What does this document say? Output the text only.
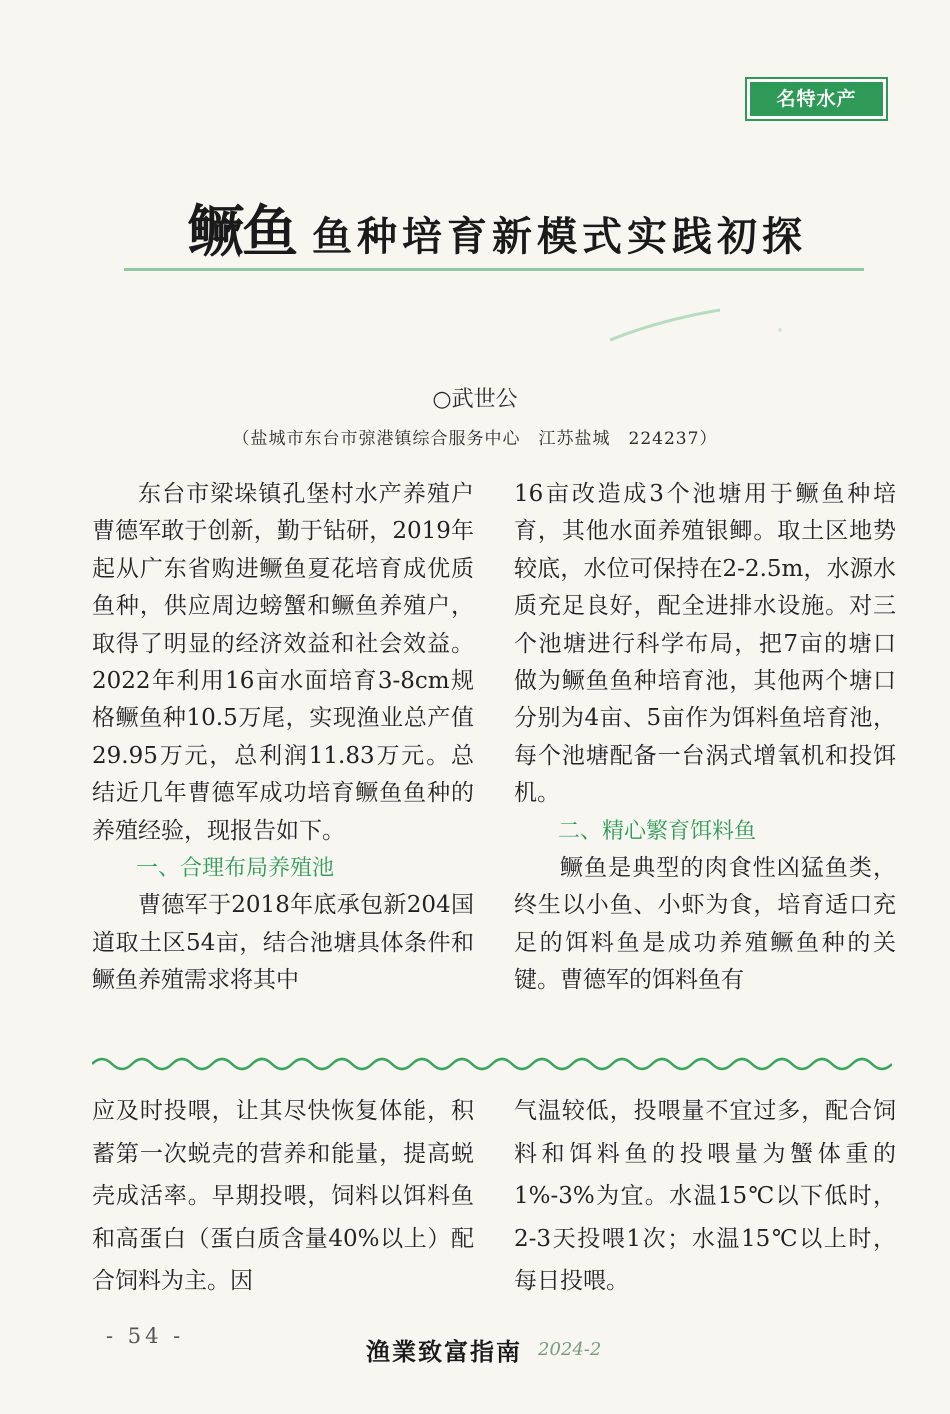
名特水产
鳜鱼 鱼种培育新模式实践初探
○武世公
（盐城市东台市弶港镇综合服务中心　江苏盐城　224237）

东台市梁垛镇孔堡村水产养殖户曹德军敢于创新，勤于钻研，2019年起从广东省购进鳜鱼夏花培育成优质鱼种，供应周边螃蟹和鳜鱼养殖户，取得了明显的经济效益和社会效益。2022年利用16亩水面培育3-8cm规格鳜鱼种10.5万尾，实现渔业总产值29.95万元，总利润11.83万元。总结近几年曹德军成功培育鳜鱼鱼种的养殖经验，现报告如下。

一、合理布局养殖池

曹德军于2018年底承包新204国道取土区54亩，结合池塘具体条件和鳜鱼养殖需求将其中

16亩改造成3个池塘用于鳜鱼种培育，其他水面养殖银鲫。取土区地势较底，水位可保持在2-2.5m，水源水质充足良好，配全进排水设施。对三个池塘进行科学布局，把7亩的塘口做为鳜鱼鱼种培育池，其他两个塘口分别为4亩、5亩作为饵料鱼培育池，每个池塘配备一台涡式增氧机和投饵机。

二、精心繁育饵料鱼

鳜鱼是典型的肉食性凶猛鱼类，终生以小鱼、小虾为食，培育适口充足的饵料鱼是成功养殖鳜鱼种的关键。曹德军的饵料鱼有

应及时投喂，让其尽快恢复体能，积蓄第一次蜕壳的营养和能量，提高蜕壳成活率。早期投喂，饲料以饵料鱼和高蛋白（蛋白质含量40%以上）配合饲料为主。因

气温较低，投喂量不宜过多，配合饲料和饵料鱼的投喂量为蟹体重的1%-3%为宜。水温15℃以下低时，2-3天投喂1次；水温15℃以上时，每日投喂。

- 54 -
渔業致富指南 2024-2
